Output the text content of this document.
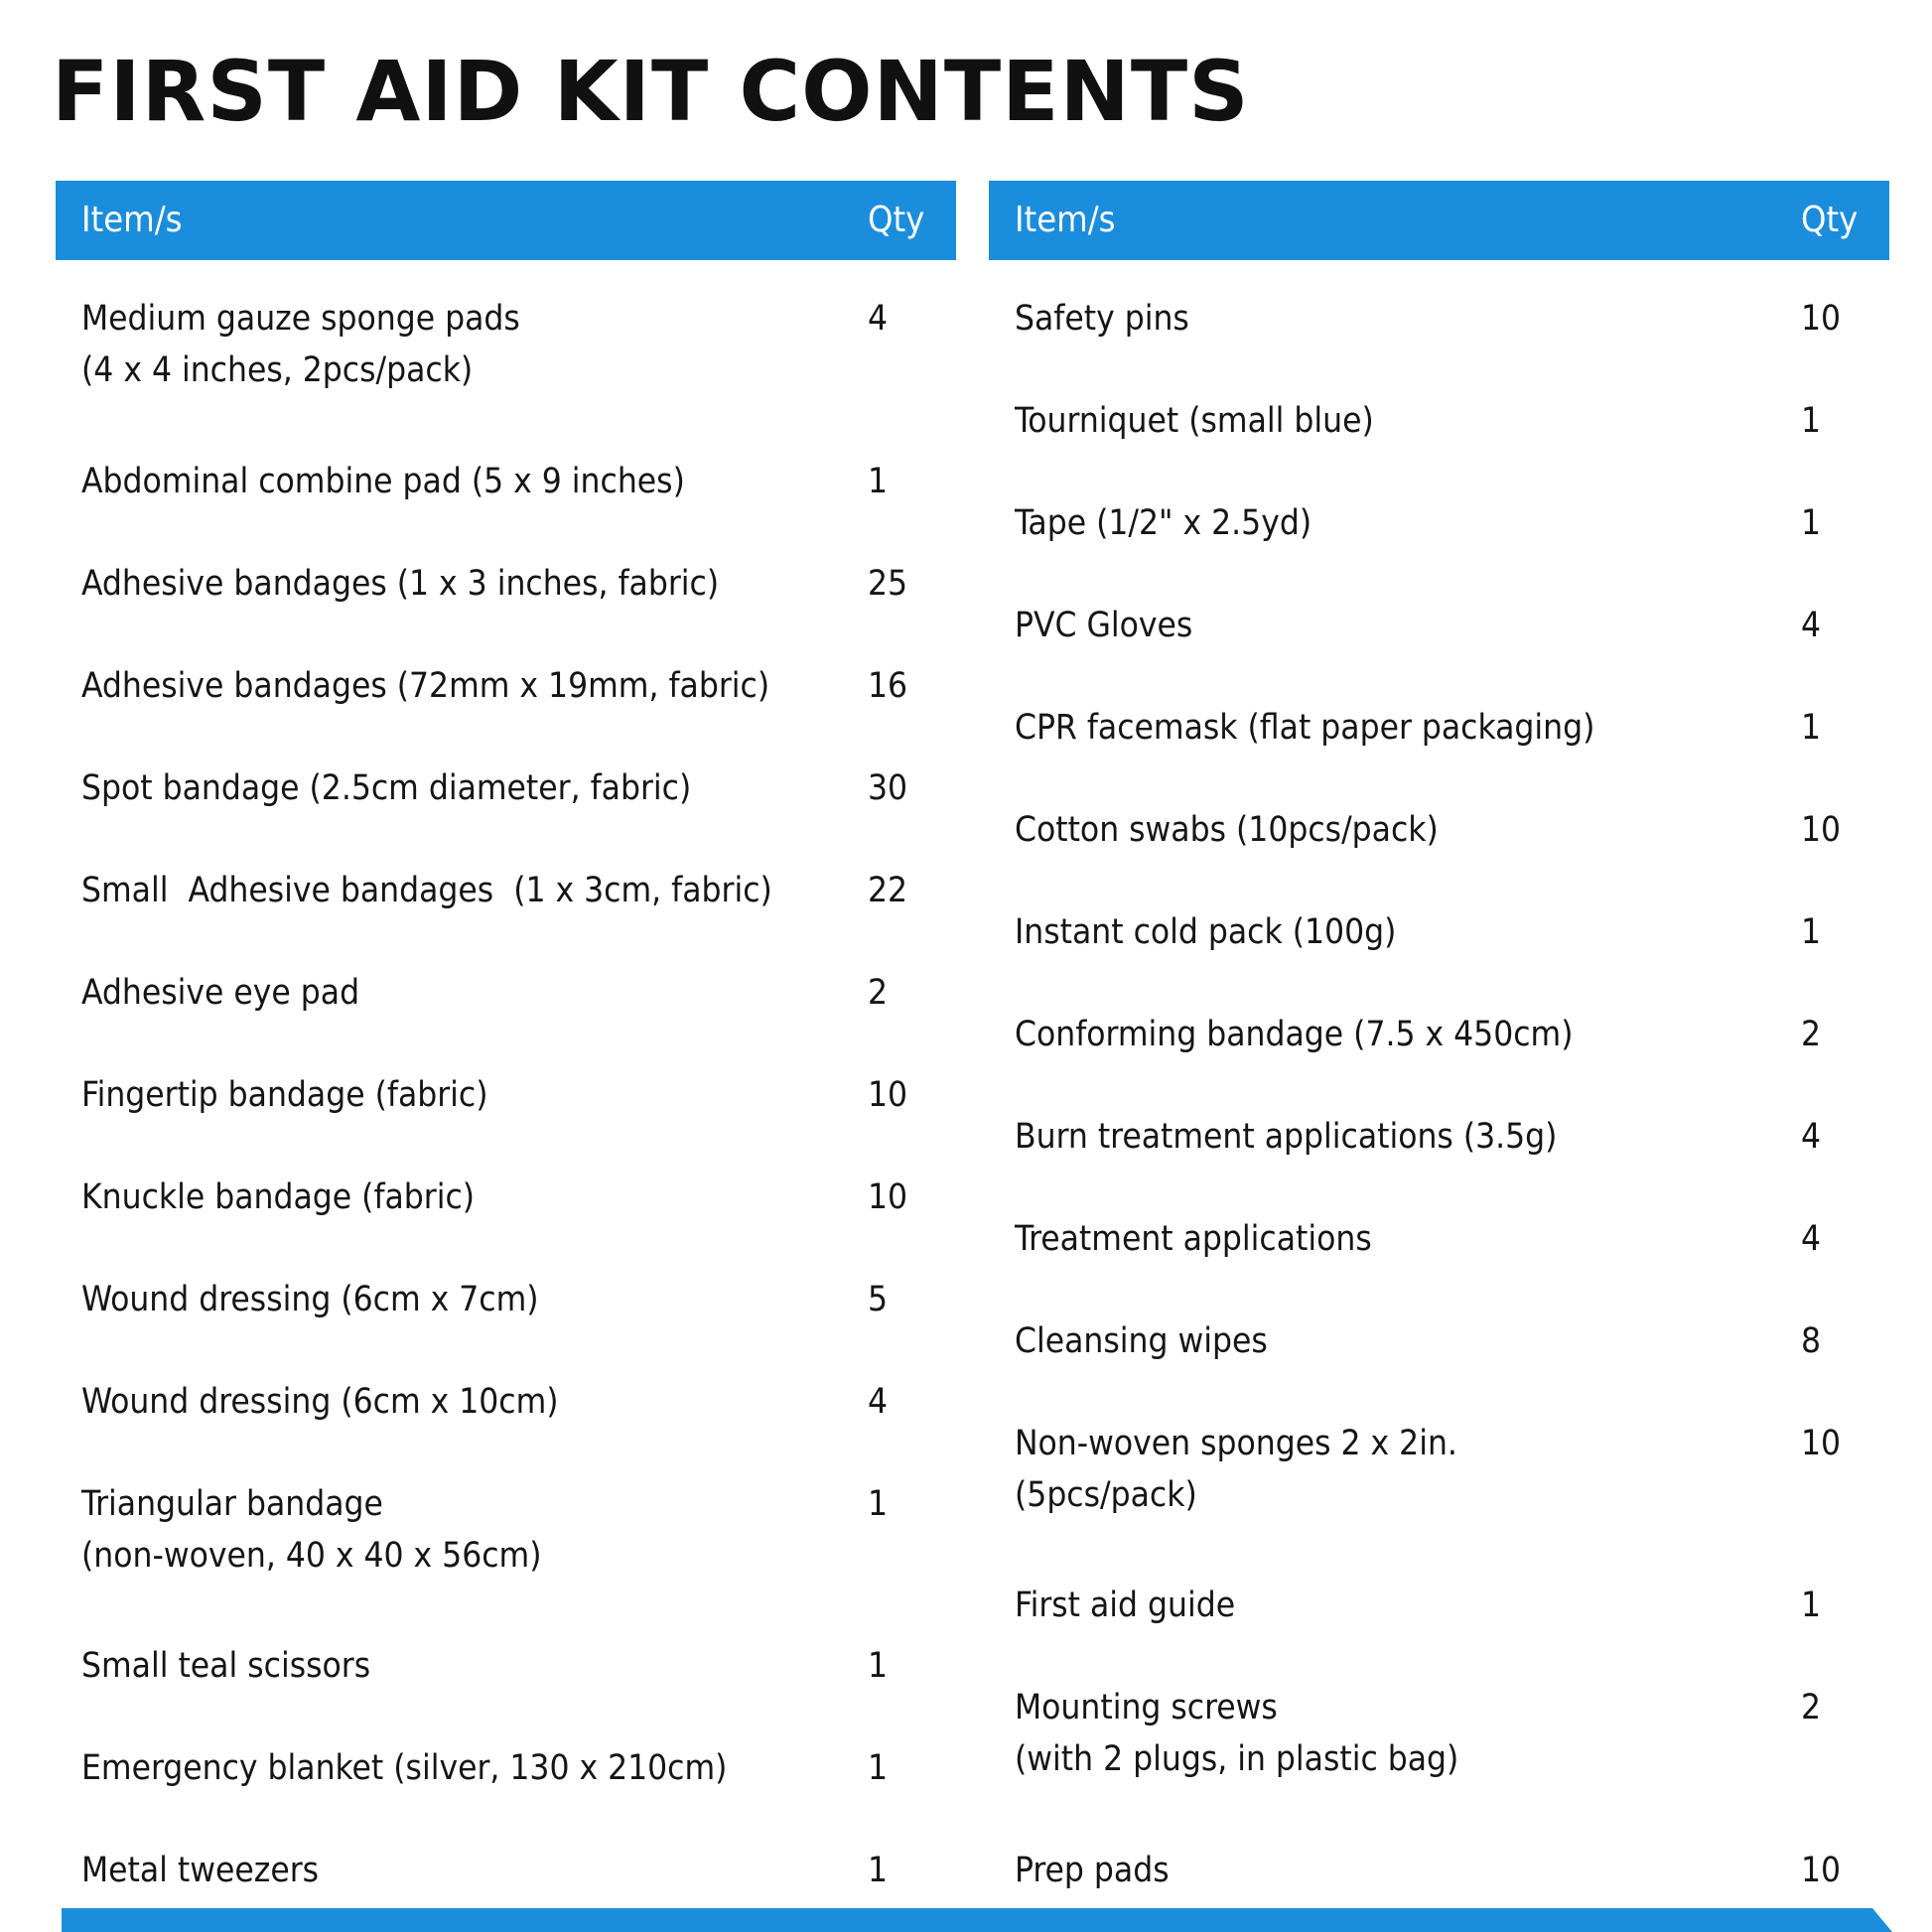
FIRST AID KIT CONTENTS
Item/s	Qty
Medium gauze sponge pads
(4 x 4 inches, 2pcs/pack)
4
Abdominal combine pad (5 x 9 inches)	1
Adhesive bandages (1 x 3 inches, fabric)	25
Adhesive bandages (72mm x 19mm, fabric)	16
Spot bandage (2.5cm diameter, fabric)	30
Small  Adhesive bandages  (1 x 3cm, fabric)	22
Adhesive eye pad	2
Fingertip bandage (fabric)	10
Knuckle bandage (fabric)	10
Wound dressing (6cm x 7cm)	5
Wound dressing (6cm x 10cm)	4
Triangular bandage
(non-woven, 40 x 40 x 56cm)
1
Small teal scissors	1
Emergency blanket (silver, 130 x 210cm)	1
Metal tweezers	1
Item/s	Qty
Safety pins	10
Tourniquet (small blue)	1
Tape (1/2" x 2.5yd)	1
PVC Gloves	4
CPR facemask (flat paper packaging)	1
Cotton swabs (10pcs/pack)	10
Instant cold pack (100g)	1
Conforming bandage (7.5 x 450cm)	2
Burn treatment applications (3.5g)	4
Treatment applications	4
Cleansing wipes	8
Non-woven sponges 2 x 2in.
(5pcs/pack)
10
First aid guide	1
Mounting screws
(with 2 plugs, in plastic bag)
2
Prep pads	10
